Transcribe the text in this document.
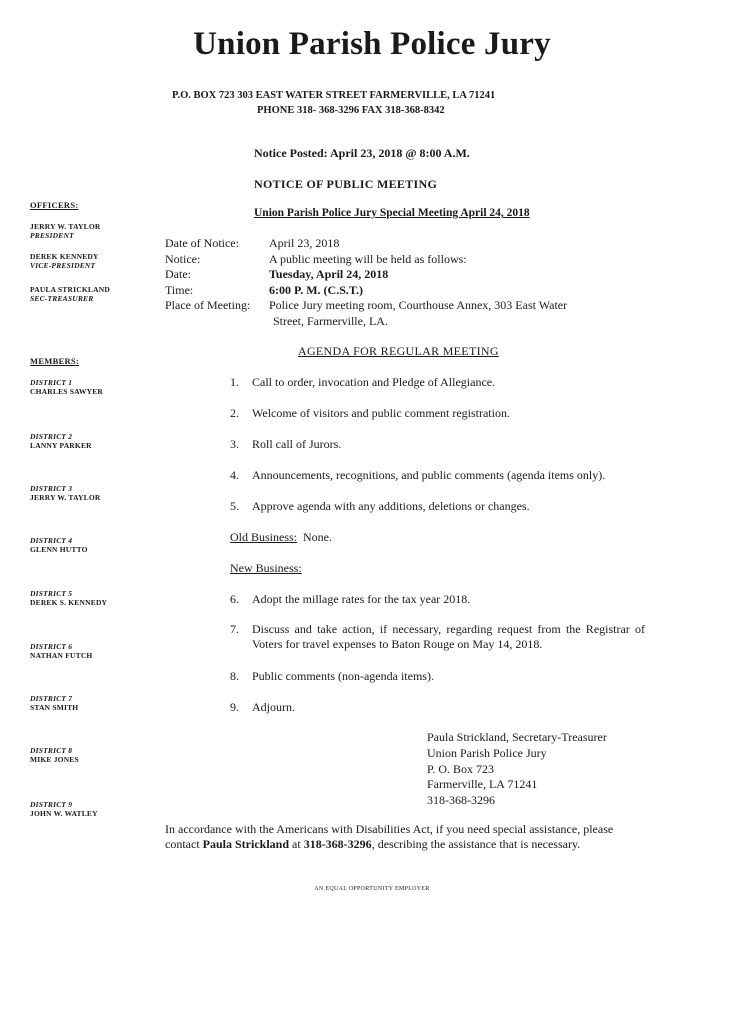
Union Parish Police Jury
P.O. BOX 723 303 EAST WATER STREET FARMERVILLE, LA 71241
PHONE 318- 368-3296 FAX 318-368-8342
Notice Posted: April 23, 2018 @ 8:00 A.M.
NOTICE OF PUBLIC MEETING
Union Parish Police Jury Special Meeting April 24, 2018
OFFICERS:
JERRY W. TAYLOR
PRESIDENT
DEREK KENNEDY
VICE-PRESIDENT
PAULA STRICKLAND
SEC-TREASURER
MEMBERS:
DISTRICT 1
CHARLES SAWYER
DISTRICT 2
LANNY PARKER
DISTRICT 3
JERRY W. TAYLOR
DISTRICT 4
GLENN HUTTO
DISTRICT 5
DEREK S. KENNEDY
DISTRICT 6
NATHAN FUTCH
DISTRICT 7
STAN SMITH
DISTRICT 8
MIKE JONES
DISTRICT 9
JOHN W. WATLEY
Date of Notice:	April 23, 2018
Notice:	A public meeting will be held as follows:
Date:	Tuesday, April 24, 2018
Time:	6:00 P. M. (C.S.T.)
Place of Meeting:	Police Jury meeting room, Courthouse Annex, 303 East Water
Street, Farmerville, LA.
AGENDA FOR REGULAR MEETING
1. Call to order, invocation and Pledge of Allegiance.
2. Welcome of visitors and public comment registration.
3. Roll call of Jurors.
4. Announcements, recognitions, and public comments (agenda items only).
5. Approve agenda with any additions, deletions or changes.
Old Business: None.
New Business:
6. Adopt the millage rates for the tax year 2018.
7.	Discuss and take action, if necessary, regarding request from the Registrar of Voters for travel expenses to Baton Rouge on May 14, 2018.
8. Public comments (non-agenda items).
9. Adjourn.
Paula Strickland, Secretary-Treasurer
Union Parish Police Jury
P. O. Box 723
Farmerville, LA 71241
318-368-3296
In accordance with the Americans with Disabilities Act, if you need special assistance, please contact Paula Strickland at 318-368-3296, describing the assistance that is necessary.
AN EQUAL OPPORTUNITY EMPLOYER
